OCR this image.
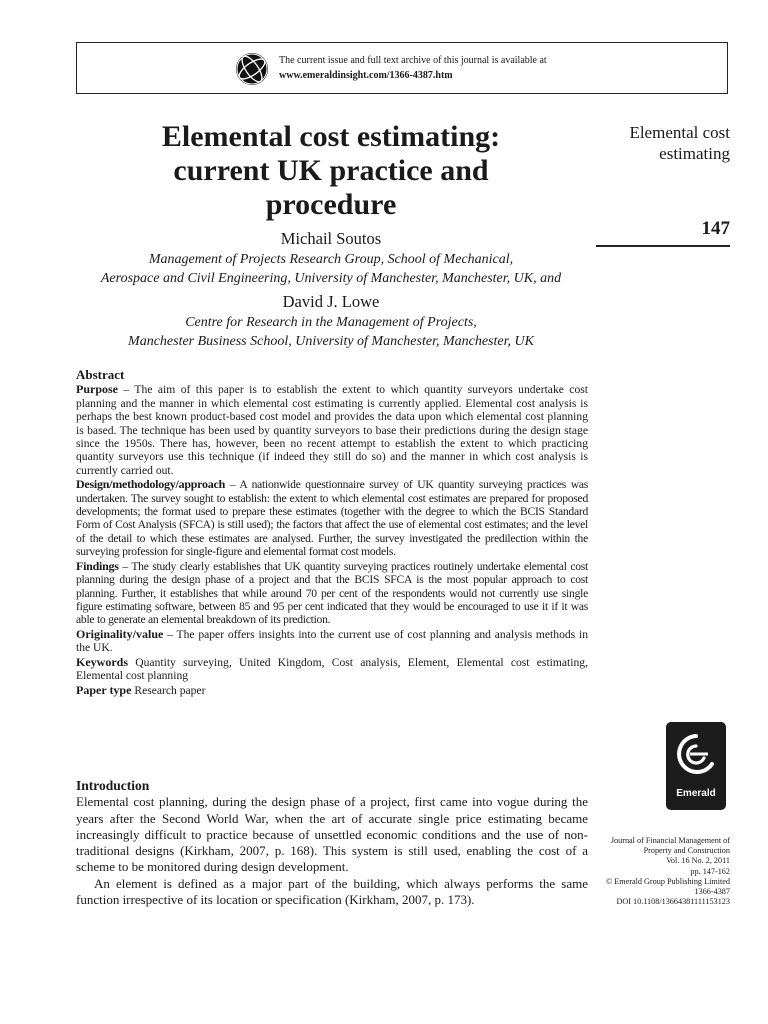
The current issue and full text archive of this journal is available at
www.emeraldinsight.com/1366-4387.htm
Elemental cost estimating:
current UK practice and
procedure
Michail Soutos
Management of Projects Research Group, School of Mechanical,
Aerospace and Civil Engineering, University of Manchester, Manchester, UK, and
David J. Lowe
Centre for Research in the Management of Projects,
Manchester Business School, University of Manchester, Manchester, UK
Elemental cost
estimating
147
Abstract

Purpose – The aim of this paper is to establish the extent to which quantity surveyors undertake cost planning and the manner in which elemental cost estimating is currently applied. Elemental cost analysis is perhaps the best known product-based cost model and provides the data upon which elemental cost planning is based. The technique has been used by quantity surveyors to base their predictions during the design stage since the 1950s. There has, however, been no recent attempt to establish the extent to which practicing quantity surveyors use this technique (if indeed they still do so) and the manner in which cost analysis is currently carried out.

Design/methodology/approach – A nationwide questionnaire survey of UK quantity surveying practices was undertaken. The survey sought to establish: the extent to which elemental cost estimates are prepared for proposed developments; the format used to prepare these estimates (together with the degree to which the BCIS Standard Form of Cost Analysis (SFCA) is still used); the factors that affect the use of elemental cost estimates; and the level of the detail to which these estimates are analysed. Further, the survey investigated the predilection within the surveying profession for single-figure and elemental format cost models.

Findings – The study clearly establishes that UK quantity surveying practices routinely undertake elemental cost planning during the design phase of a project and that the BCIS SFCA is the most popular approach to cost planning. Further, it establishes that while around 70 per cent of the respondents would not currently use single figure estimating software, between 85 and 95 per cent indicated that they would be encouraged to use it if it was able to generate an elemental breakdown of its prediction.

Originality/value – The paper offers insights into the current use of cost planning and analysis methods in the UK.

Keywords Quantity surveying, United Kingdom, Cost analysis, Element, Elemental cost estimating, Elemental cost planning

Paper type Research paper

Introduction

Elemental cost planning, during the design phase of a project, first came into vogue during the years after the Second World War, when the art of accurate single price estimating became increasingly difficult to practice because of unsettled economic conditions and the use of non-traditional designs (Kirkham, 2007, p. 168). This system is still used, enabling the cost of a scheme to be monitored during design development.

An element is defined as a major part of the building, which always performs the same function irrespective of its location or specification (Kirkham, 2007, p. 173).

Emerald
Journal of Financial Management of
Property and Construction
Vol. 16 No. 2, 2011
pp. 147-162
© Emerald Group Publishing Limited
1366-4387
DOI 10.1108/13664381111153123
